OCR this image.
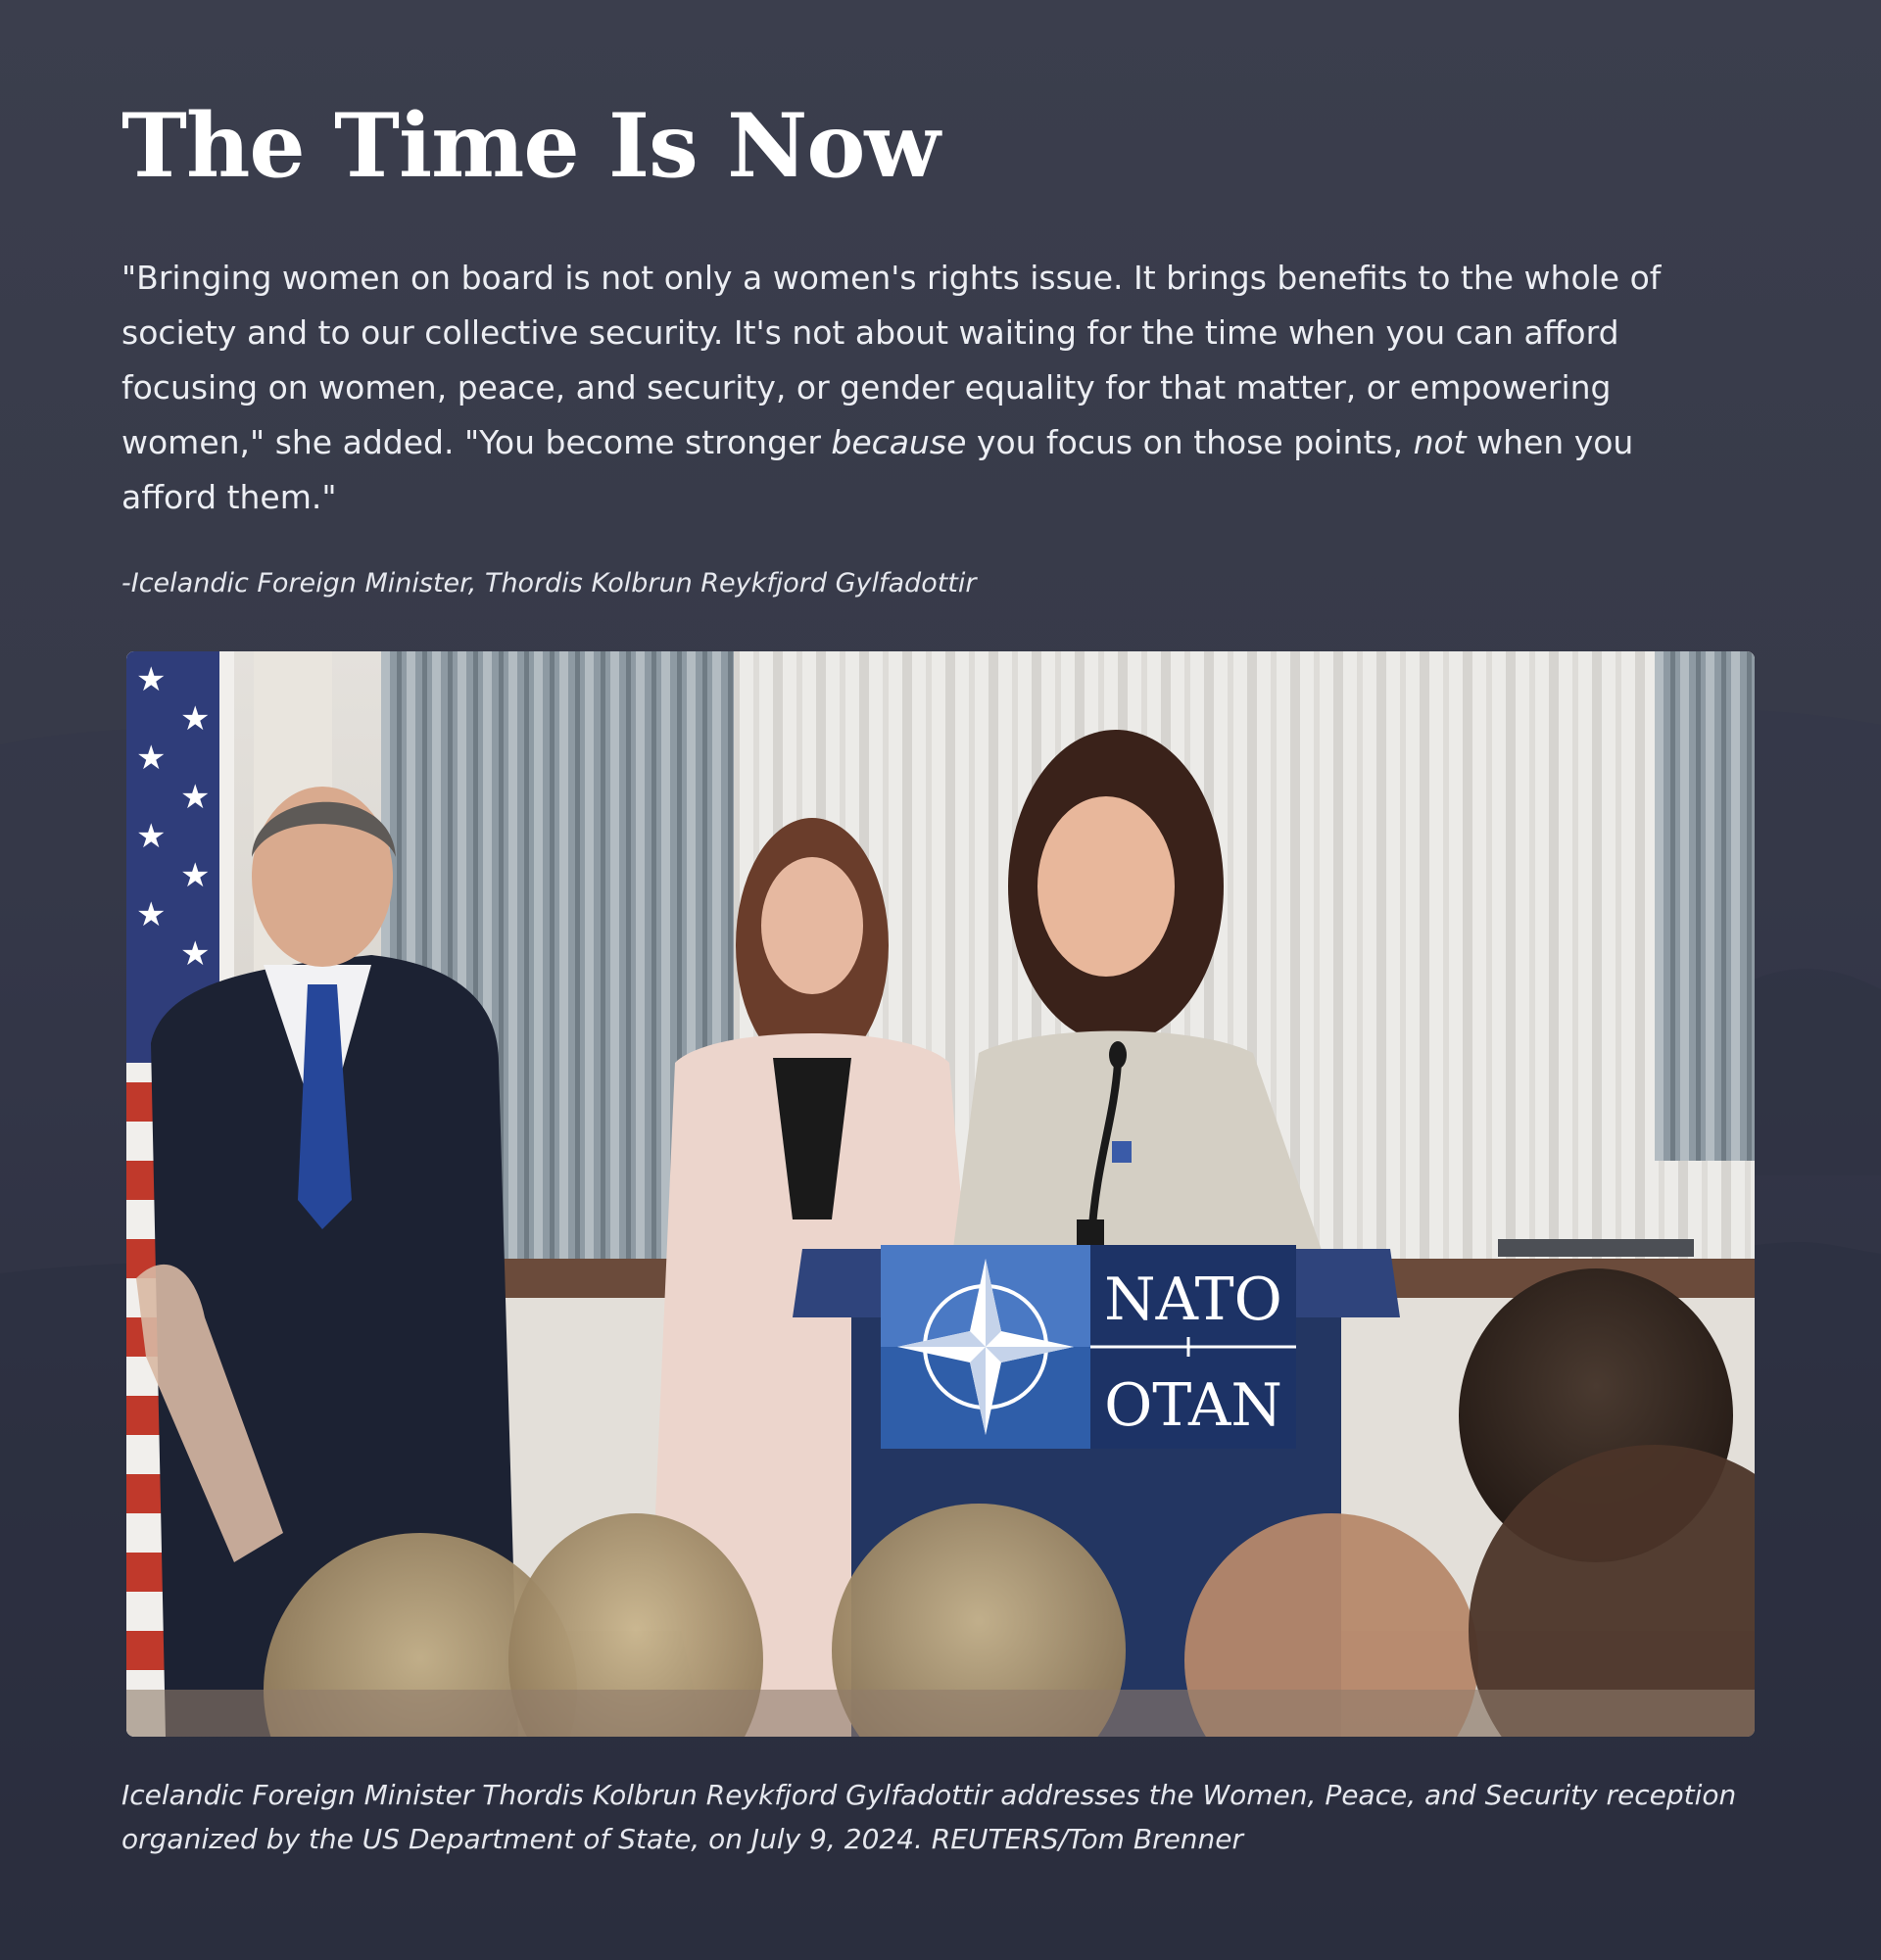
The Time Is Now

"Bringing women on board is not only a women's rights issue. It brings benefits to the whole of society and to our collective security. It's not about waiting for the time when you can afford focusing on women, peace, and security, or gender equality for that matter, or empowering women," she added. "You become stronger because you focus on those points, not when you afford them."

-Icelandic Foreign Minister, Thordis Kolbrun Reykfjord Gylfadottir

★
★
★
★
★
★
★
★
NATO
OTAN

Icelandic Foreign Minister Thordis Kolbrun Reykfjord Gylfadottir addresses the Women, Peace, and Security reception organized by the US Department of State, on July 9, 2024. REUTERS/Tom Brenner
